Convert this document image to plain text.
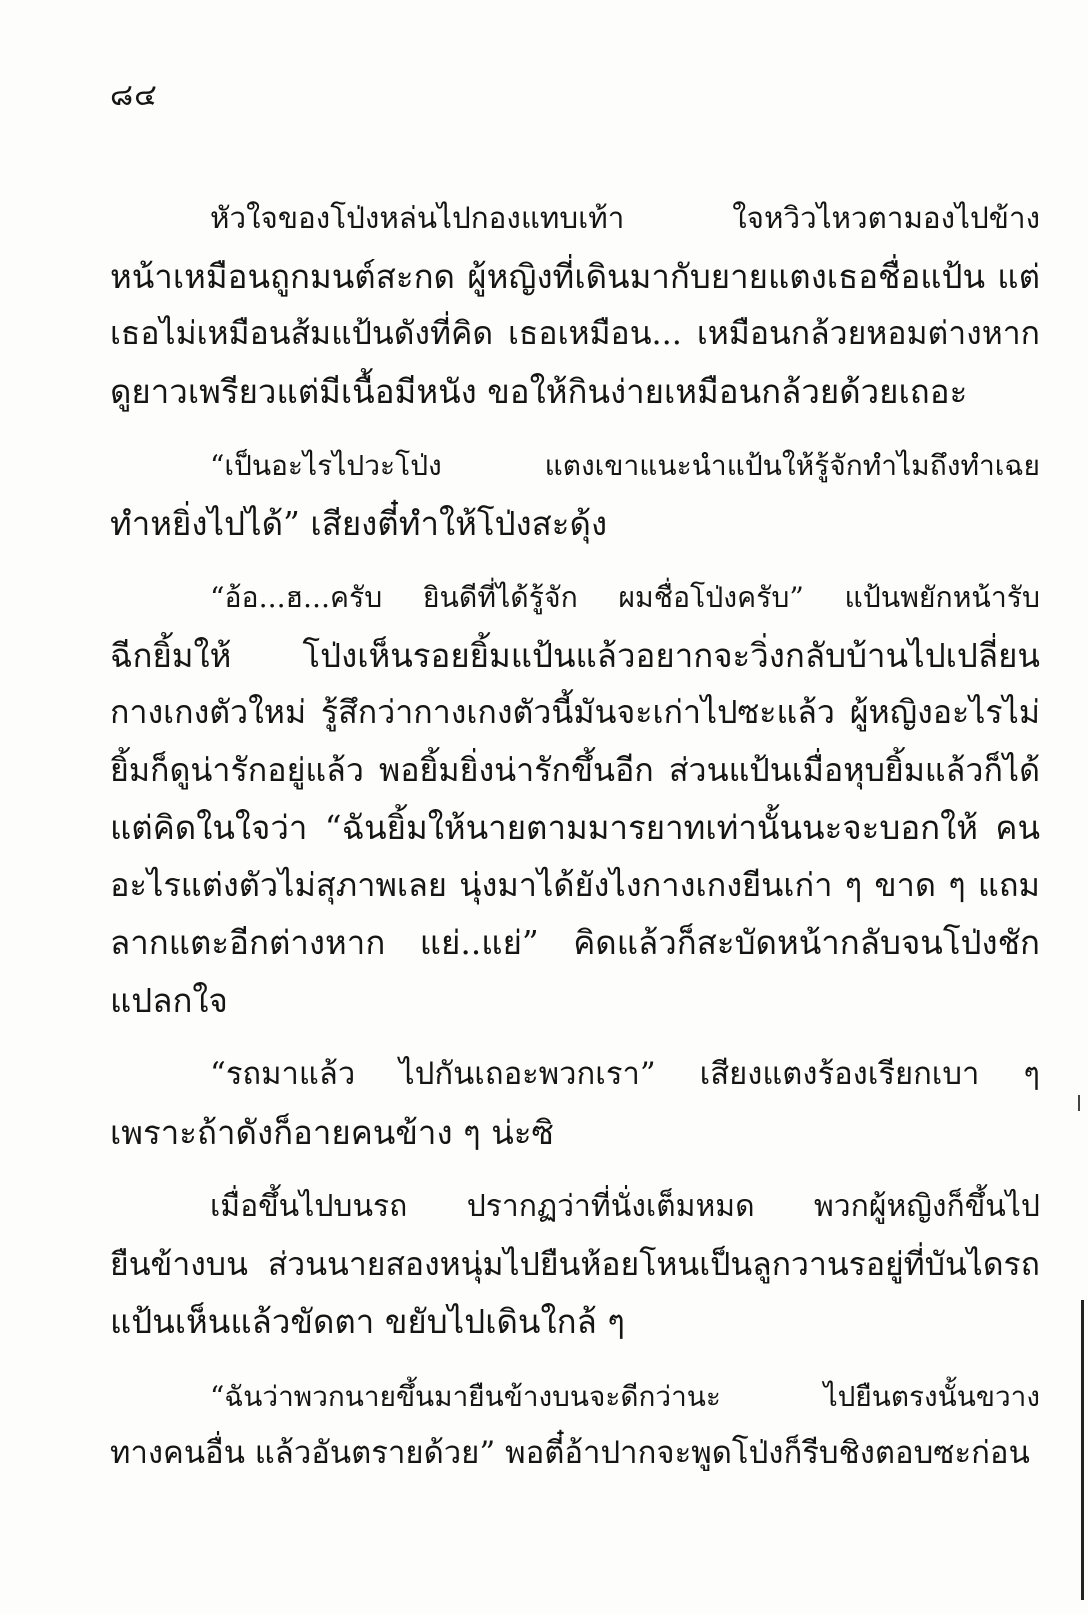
๘๔
หัวใจของโป่งหล่นไปกองแทบเท้า ใจหวิวไหวตามองไปข้าง
หน้าเหมือนถูกมนต์สะกด ผู้หญิงที่เดินมากับยายแตงเธอชื่อแป้น แต่
เธอไม่เหมือนส้มแป้นดังที่คิด เธอเหมือน... เหมือนกล้วยหอมต่างหาก
ดูยาวเพรียวแต่มีเนื้อมีหนัง ขอให้กินง่ายเหมือนกล้วยด้วยเถอะ
“เป็นอะไรไปวะโป่ง แตงเขาแนะนำแป้นให้รู้จักทำไมถึงทำเฉย
ทำหยิ่งไปได้” เสียงตี๋ทำให้โป่งสะดุ้ง
“อ้อ...ฮ...ครับ ยินดีที่ได้รู้จัก ผมชื่อโป่งครับ” แป้นพยักหน้ารับ
ฉีกยิ้มให้ โป่งเห็นรอยยิ้มแป้นแล้วอยากจะวิ่งกลับบ้านไปเปลี่ยน
กางเกงตัวใหม่ รู้สึกว่ากางเกงตัวนี้มันจะเก่าไปซะแล้ว ผู้หญิงอะไรไม่
ยิ้มก็ดูน่ารักอยู่แล้ว พอยิ้มยิ่งน่ารักขึ้นอีก ส่วนแป้นเมื่อหุบยิ้มแล้วก็ได้
แต่คิดในใจว่า “ฉันยิ้มให้นายตามมารยาทเท่านั้นนะจะบอกให้ คน
อะไรแต่งตัวไม่สุภาพเลย นุ่งมาได้ยังไงกางเกงยีนเก่า ๆ ขาด ๆ แถม
ลากแตะอีกต่างหาก แย่..แย่” คิดแล้วก็สะบัดหน้ากลับจนโป่งชัก
แปลกใจ
“รถมาแล้ว ไปกันเถอะพวกเรา” เสียงแตงร้องเรียกเบา ๆ
เพราะถ้าดังก็อายคนข้าง ๆ น่ะซิ
เมื่อขึ้นไปบนรถ ปรากฏว่าที่นั่งเต็มหมด พวกผู้หญิงก็ขึ้นไป
ยืนข้างบน ส่วนนายสองหนุ่มไปยืนห้อยโหนเป็นลูกวานรอยู่ที่บันไดรถ
แป้นเห็นแล้วขัดตา ขยับไปเดินใกล้ ๆ
“ฉันว่าพวกนายขึ้นมายืนข้างบนจะดีกว่านะ ไปยืนตรงนั้นขวาง
ทางคนอื่น แล้วอันตรายด้วย” พอตี๋อ้าปากจะพูดโป่งก็รีบชิงตอบซะก่อน
